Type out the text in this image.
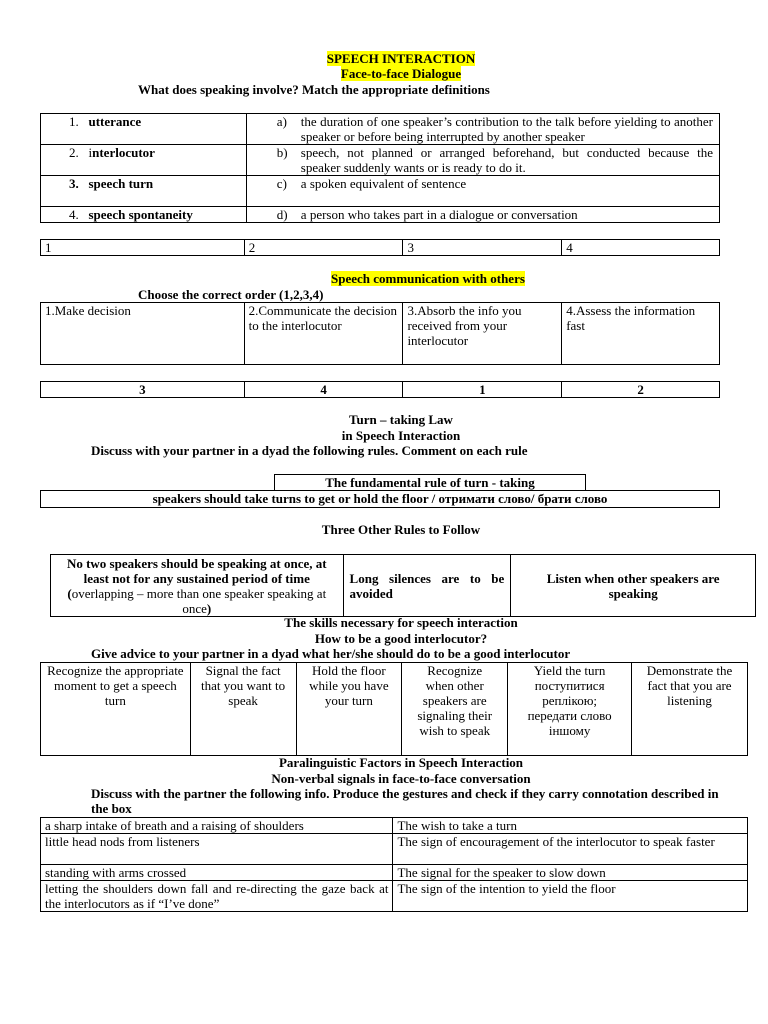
SPEECH INTERACTION
Face-to-face Dialogue
What does speaking involve? Match the appropriate definitions
1. utterance	a) the duration of one speaker’s contribution to the talk before yielding to another speaker or before being interrupted by another speaker

2. interlocutor	b) speech, not planned or arranged beforehand, but conducted because the speaker suddenly wants or is ready to do it.

3. speech turn	c) a spoken equivalent of sentence

4. speech spontaneity	d) a person who takes part in a dialogue or conversation
1	2	3	4
Speech communication with others
Choose the correct order (1,2,3,4)
1.Make decision	2.Communicate the decision to the interlocutor	3.Absorb the info you received from your interlocutor	4.Assess the information fast
3	4	1	2
Turn – taking Law
in Speech Interaction
Discuss with your partner in a dyad the following rules. Comment on each rule
The fundamental rule of turn - taking
speakers should take turns to get or hold the floor / отримати слово/ брати слово
Three Other Rules to Follow
No two speakers should be speaking at once, at least not for any sustained period of time (overlapping – more than one speaker speaking at once)	Long silences are to be avoided	Listen when other speakers are speaking
The skills necessary for speech interaction
How to be a good interlocutor?
Give advice to your partner in a dyad what her/she should do to be a good interlocutor
Recognize the appropriate moment to get a speech turn	Signal the fact that you want to speak	Hold the floor while you have your turn	Recognize when other speakers are signaling their wish to speak	Yield the turn поступитися реплікою; передати слово іншому	Demonstrate the fact that you are listening
Paralinguistic Factors in Speech Interaction
Non-verbal signals in face-to-face conversation
Discuss with the partner the following info. Produce the gestures and check if they carry connotation described in the box
a sharp intake of breath and a raising of shoulders	The wish to take a turn
little head nods from listeners	The sign of encouragement of the interlocutor to speak faster
standing with arms crossed	The signal for the speaker to slow down
letting the shoulders down fall and re-directing the gaze back at the interlocutors as if “I’ve done”	The sign of the intention to yield the floor
